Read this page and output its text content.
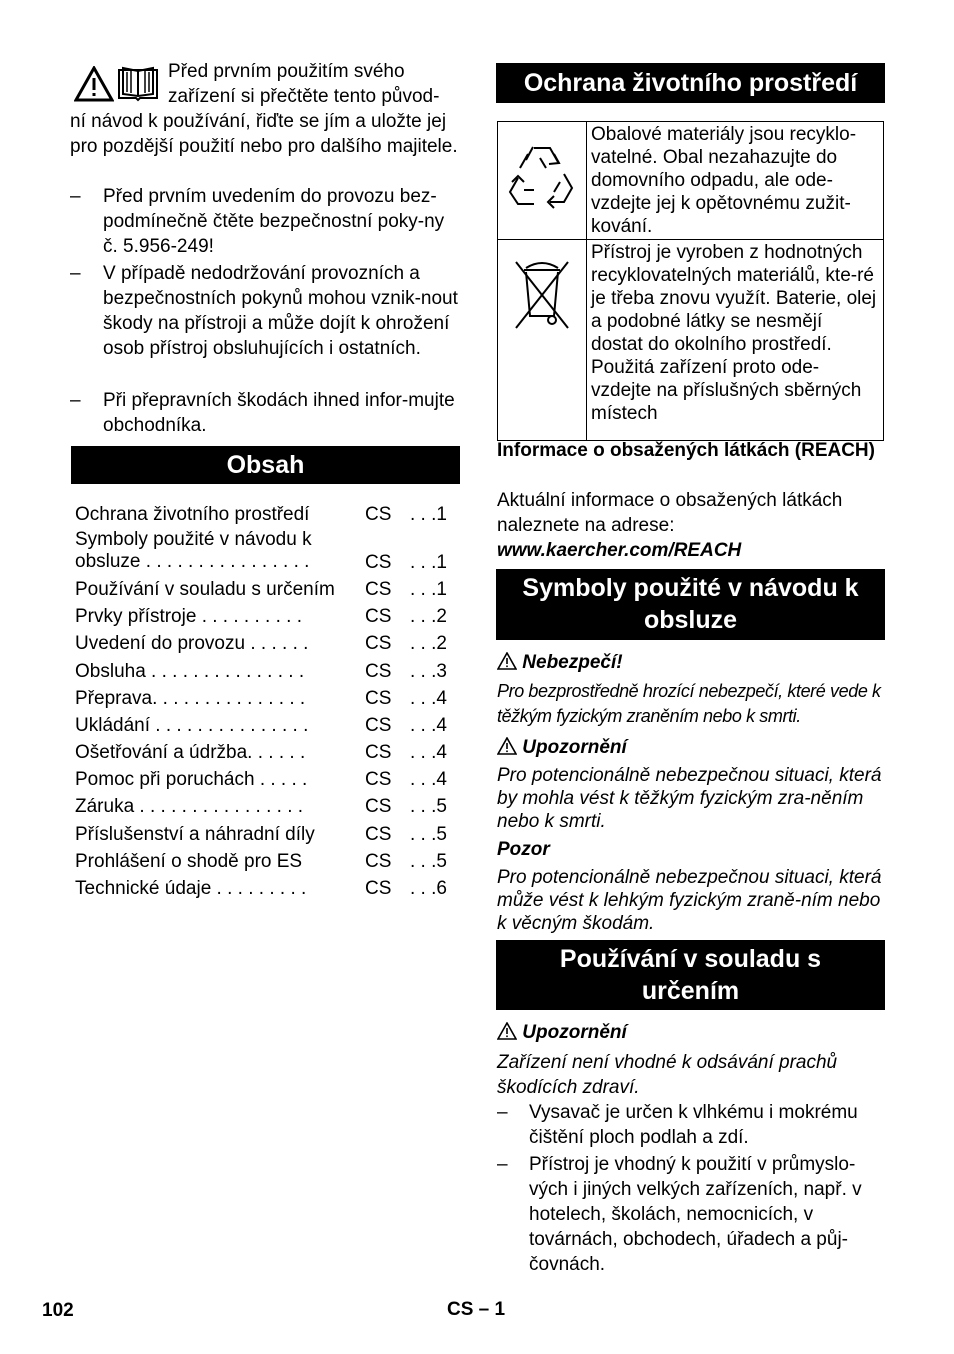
Před prvním použitím svého

zařízení si přečtěte tento původ-

ní návod k používání, řiďte se jím a uložte jej pro pozdější použití nebo pro dalšího majitele.

– Před prvním uvedením do provozu bez-podmínečně čtěte bezpečnostní poky-ny č. 5.956-249!

– V případě nedodržování provozních a bezpečnostních pokynů mohou vznik-nout škody na přístroji a může dojít k ohrožení osob přístroj obsluhujících i ostatních.

– Při přepravních škodách ihned infor-mujte obchodníka.

Obsah
Ochrana životního prostředí	CS . . .1
Symboly použité v návodu k
obsluze . . . . . . . . . . . . . . . .	CS . . .1
Používání v souladu s určením CS . . .1
Prvky přístroje . . . . . . . . . .	CS . . .2
Uvedení do provozu . . . . . .	CS . . .2
Obsluha . . . . . . . . . . . . . . .	CS . . .3
Přeprava. . . . . . . . . . . . . . .	CS . . .4
Ukládání . . . . . . . . . . . . . . .	CS . . .4
Ošetřování a údržba. . . . . .	CS . . .4
Pomoc při poruchách . . . . .	CS . . .4
Záruka . . . . . . . . . . . . . . . .	CS . . .5
Příslušenství a náhradní díly	CS . . .5
Prohlášení o shodě pro ES	CS . . .5
Technické údaje . . . . . . . . .	CS . . .6
Ochrana životního prostředí
	Obalové materiály jsou recyklo-vatelné. Obal nezahazujte do domovního odpadu, ale ode-vzdejte jej k opětovnému zužit-kování.
	Přístroj je vyroben z hodnotných recyklovatelných materiálů, kte-ré je třeba znovu využít. Baterie, olej a podobné látky se nesmějí dostat do okolního prostředí. Použitá zařízení proto ode-vzdejte na příslušných sběrných místech

Informace o obsažených látkách (REACH)

Aktuální informace o obsažených látkách naleznete na adrese:

www.kaercher.com/REACH

Symboly použité v návodu k
obsluze
Nebezpečí!

Pro bezprostředně hrozící nebezpečí, které vede k těžkým fyzickým zraněním nebo k smrti.

Upozornění

Pro potencionálně nebezpečnou situaci, která by mohla vést k těžkým fyzickým zra-něním nebo k smrti.

Pozor

Pro potencionálně nebezpečnou situaci, která může vést k lehkým fyzickým zraně-ním nebo k věcným škodám.

Používání v souladu s
určením
Upozornění

Zařízení není vhodné k odsávání prachů škodících zdraví.

– Vysavač je určen k vlhkému i mokrému čištění ploch podlah a zdí.

– Přístroj je vhodný k použití v průmyslo-vých i jiných velkých zařízeních, např. v hotelech, školách, nemocnicích, v továrnách, obchodech, úřadech a půj-čovnách.

102	CS – 1
